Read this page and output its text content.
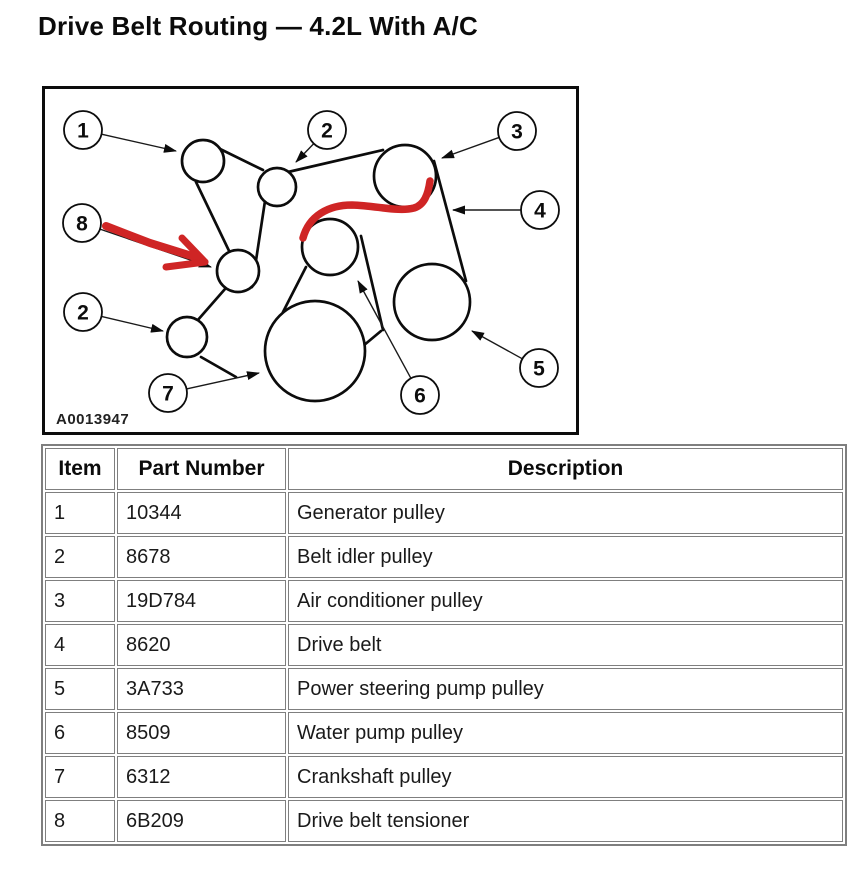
Drive Belt Routing — 4.2L With A/C
1	2	3
4
8
2
7	6
5
A0013947
Item	Part Number	Description
1	10344	Generator pulley
2	8678	Belt idler pulley
3	19D784	Air conditioner pulley
4	8620	Drive belt
5	3A733	Power steering pump pulley
6	8509	Water pump pulley
7	6312	Crankshaft pulley
8	6B209	Drive belt tensioner
